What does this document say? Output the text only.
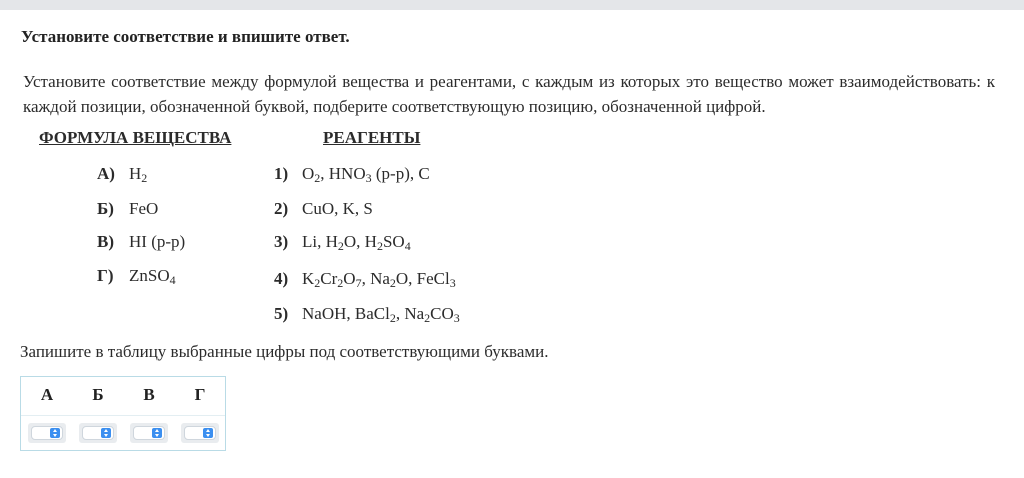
Установите соответствие и впишите ответ.
Установите соответствие между формулой вещества и реагентами, с каждым из которых это вещество может взаимодействовать: к каждой позиции, обозначенной буквой, подберите соответствующую позицию, обозначенной цифрой.
ФОРМУЛА ВЕЩЕСТВА	РЕАГЕНТЫ
А) $H_2$
Б) FeO
В) HI (р-р)
Г) ZnSO$_4$
1) $O_2$, $HNO_3$ (р-р), C
2) CuO, K, S
3) Li, $H_2O$, $H_2SO_4$
4) $K_2Cr_2O_7$, $Na_2O$, FeCl$_3$
5) NaOH, BaCl$_2$, $Na_2CO_3$
Запишите в таблицу выбранные цифры под соответствующими буквами.
А	Б	В	Г
